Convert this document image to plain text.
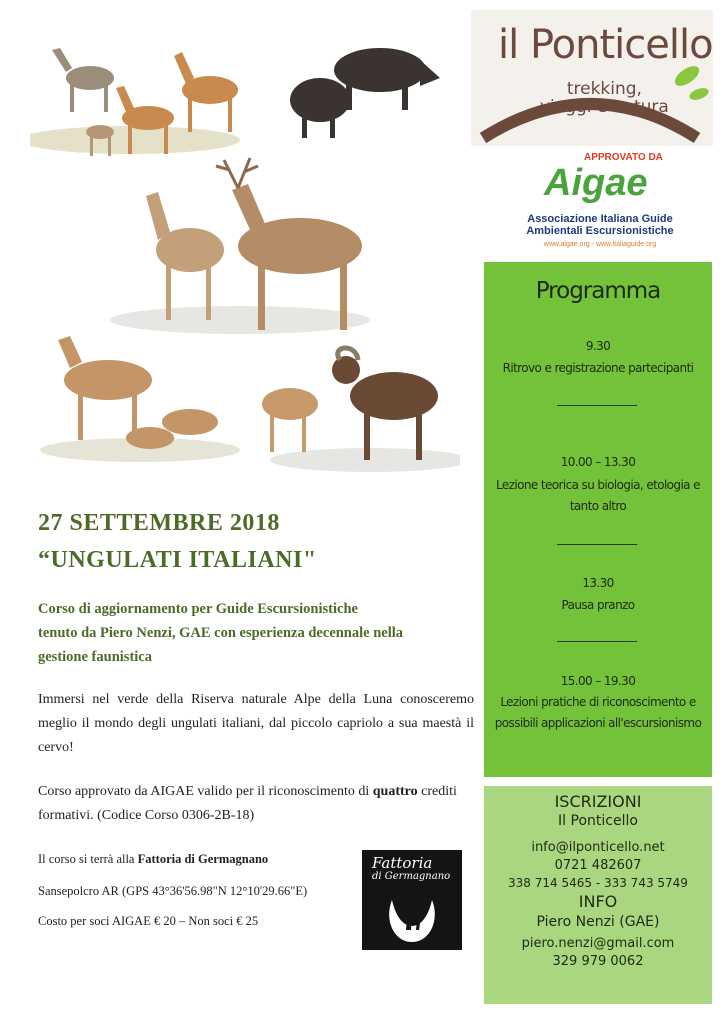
il Ponticello
trekking,
viaggi e natura
APPROVATO DA
Aigae
Associazione Italiana Guide
Ambientali Escursionistiche
www.aigae.org - www.italiaguide.org
Programma
9.30
Ritrovo e registrazione partecipanti
10.00 – 13.30
Lezione teorica su biologia, etologia e tanto altro
13.30
Pausa pranzo
15.00 – 19.30
Lezioni pratiche di riconoscimento e possibili applicazioni all'escursionismo
ISCRIZIONI
Il Ponticello
info@ilponticello.net
0721 482607
338 714 5465 - 333 743 5749
INFO
Piero Nenzi (GAE)
piero.nenzi@gmail.com
329 979 0062
27 SETTEMBRE 2018
“UNGULATI ITALIANI"
Corso di aggiornamento per Guide Escursionistiche
tenuto da Piero Nenzi, GAE con esperienza decennale nella
gestione faunistica
Immersi nel verde della Riserva naturale Alpe della Luna conosceremo meglio il mondo degli ungulati italiani, dal piccolo capriolo a sua maestà il cervo!
Corso approvato da AIGAE valido per il riconoscimento di quattro crediti formativi. (Codice Corso 0306-2B-18)
Il corso si terrà alla Fattoria di Germagnano
Sansepolcro AR (GPS 43°36'56.98"N 12°10'29.66"E)
Costo per soci AIGAE € 20 – Non soci € 25
Fattoria
di Germagnano
